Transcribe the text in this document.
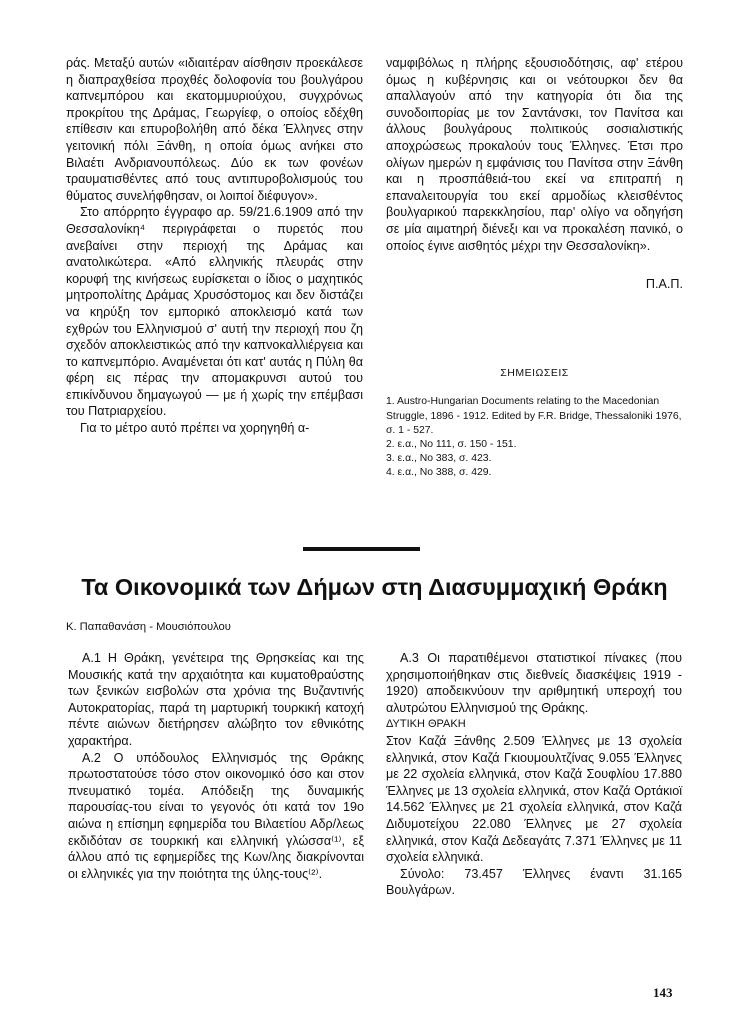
ράς. Μεταξύ αυτών «ιδιαιτέραν αίσθησιν προεκάλεσε η διαπραχθείσα προχθές δολοφονία του βουλγάρου καπνεμπόρου και εκατομμυριούχου, συγχρόνως προκρίτου της Δράμας, Γεωργίεφ, ο οποίος εδέχθη επίθεσιν και επυροβολήθη από δέκα Έλληνες στην γειτονική πόλι Ξάνθη, η οποία όμως ανήκει στο Βιλαέτι Ανδριανουπόλεως. Δύο εκ των φονέων τραυματισθέντες από τους αντιπυροβολισμούς του θύματος συνελήφθησαν, οι λοιποί διέφυγον».

Στο απόρρητο έγγραφο αρ. 59/21.6.1909 από την Θεσσαλονίκη⁴ περιγράφεται ο πυρετός που ανεβαίνει στην περιοχή της Δράμας και ανατολικώτερα. «Από ελληνικής πλευράς στην κορυφή της κινήσεως ευρίσκεται ο ίδιος ο μαχητικός μητροπολίτης Δράμας Χρυσόστομος και δεν διστάζει να κηρύξη τον εμπορικό αποκλεισμό κατά των εχθρών του Ελληνισμού σ' αυτή την περιοχή που ζη σχεδόν αποκλειστικώς από την καπνοκαλλιέργεια και το καπνεμπόριο. Αναμένεται ότι κατ' αυτάς η Πύλη θα φέρη εις πέρας την απομακρυνσι αυτού του επικίνδυνου δημαγωγού — με ή χωρίς την επέμβασι του Πατριαρχείου.

Για το μέτρο αυτό πρέπει να χορηγηθή α-

ναμφιβόλως η πλήρης εξουσιοδότησις, αφ' ετέρου όμως η κυβέρνησις και οι νεότουρκοι δεν θα απαλλαγούν από την κατηγορία ότι δια της συνοδοιπορίας με τον Σαντάνσκι, τον Πανίτσα και άλλους βουλγάρους πολιτικούς σοσιαλιστικής αποχρώσεως προκαλούν τους Έλληνες. Έτσι προ ολίγων ημερών η εμφάνισις του Πανίτσα στην Ξάνθη και η προσπάθειά-του εκεί να επιτραπή η επαναλειτουργία του εκεί αρμοδίως κλεισθέντος βουλγαρικού παρεκκλησίου, παρ' ολίγο να οδηγήση σε μία αιματηρή διένεξι και να προκαλέση πανικό, ο οποίος έγινε αισθητός μέχρι την Θεσσαλονίκη».

Π.Α.Π.

ΣΗΜΕΙΩΣΕΙΣ

1. Austro-Hungarian Documents relating to the Macedonian Struggle, 1896 - 1912. Edited by F.R. Bridge, Thessaloniki 1976, σ. 1 - 527.

2. ε.α., No 111, σ. 150 - 151.

3. ε.α., No 383, σ. 423.

4. ε.α., No 388, σ. 429.

Τα Οικονομικά των Δήμων στη Διασυμμαχική Θράκη

Κ. Παπαθανάση - Μουσιόπουλου

Α.1 Η Θράκη, γενέτειρα της Θρησκείας και της Μουσικής κατά την αρχαιότητα και κυματοθραύστης των ξενικών εισβολών στα χρόνια της Βυζαντινής Αυτοκρατορίας, παρά τη μαρτυρική τουρκική κατοχή πέντε αιώνων διετήρησεν αλώβητο τον εθνικότης χαρακτήρα.

Α.2 Ο υπόδουλος Ελληνισμός της Θράκης πρωτοστατούσε τόσο στον οικονομικό όσο και στον πνευματικό τομέα. Απόδειξη της δυναμικής παρουσίας-του είναι το γεγονός ότι κατά τον 19ο αιώνα η επίσημη εφημερίδα του Βιλαετίου Αδρ/λεως εκδιδόταν σε τουρκική και ελληνική γλώσσα⁽¹⁾, εξ άλλου από τις εφημερίδες της Κων/λης διακρίνονται οι ελληνικές για την ποιότητα της ύλης-τους⁽²⁾.

Α.3 Οι παρατιθέμενοι στατιστικοί πίνακες (που χρησιμοποιήθηκαν στις διεθνείς διασκέψεις 1919 - 1920) αποδεικνύουν την αριθμητική υπεροχή του αλυτρώτου Ελληνισμού της Θράκης.

ΔΥΤΙΚΗ ΘΡΑΚΗ

Στον Καζά Ξάνθης 2.509 Έλληνες με 13 σχολεία ελληνικά, στον Καζά Γκιουμουλτζίνας 9.055 Έλληνες με 22 σχολεία ελληνικά, στον Καζά Σουφλίου 17.880 Έλληνες με 13 σχολεία ελληνικά, στον Καζά Ορτάκιοϊ 14.562 Έλληνες με 21 σχολεία ελληνικά, στον Καζά Διδυμοτείχου 22.080 Έλληνες με 27 σχολεία ελληνικά, στον Καζά Δεδεαγάτς 7.371 Έλληνες με 11 σχολεία ελληνικά.

Σύνολο: 73.457 Έλληνες έναντι 31.165 Βουλγάρων.

143
